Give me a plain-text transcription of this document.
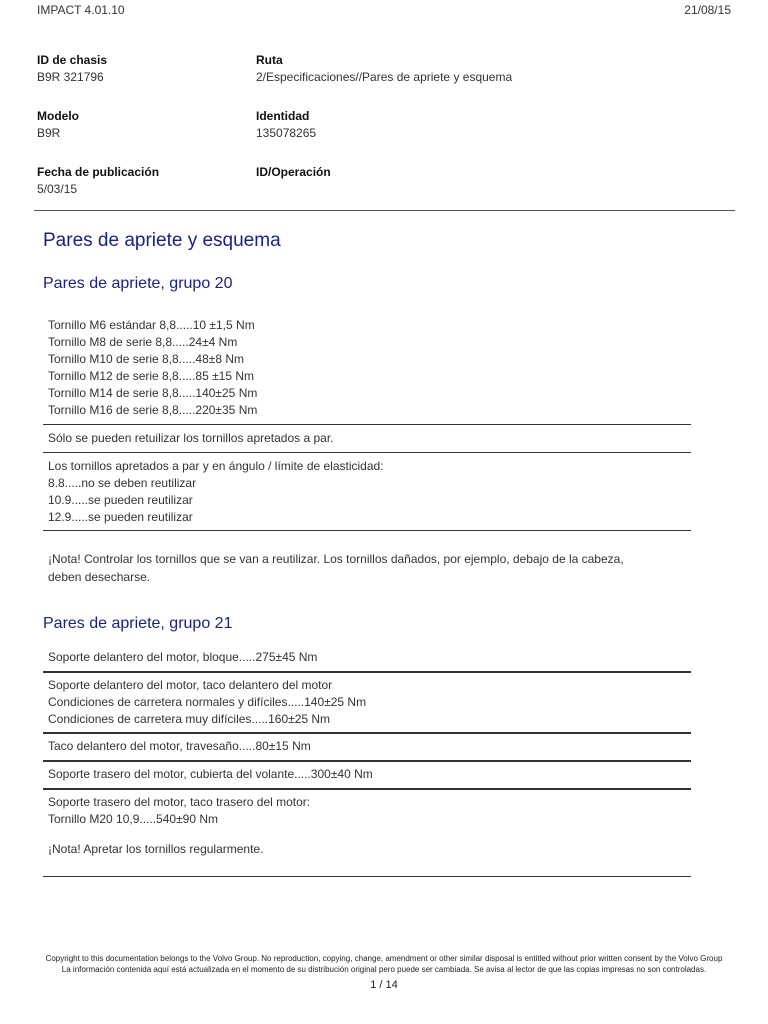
IMPACT 4.01.10	21/08/15
ID de chasis
B9R 321796
Ruta
2/Especificaciones//Pares de apriete y esquema
Modelo
B9R
Identidad
135078265
Fecha de publicación
5/03/15
ID/Operación
Pares de apriete y esquema
Pares de apriete, grupo 20
Tornillo M6 estándar 8,8.....10 ±1,5 Nm
Tornillo M8 de serie 8,8.....24±4 Nm
Tornillo M10 de serie 8,8.....48±8 Nm
Tornillo M12 de serie 8,8.....85 ±15 Nm
Tornillo M14 de serie 8,8.....140±25 Nm
Tornillo M16 de serie 8,8.....220±35 Nm
Sólo se pueden retuilizar los tornillos apretados a par.
Los tornillos apretados a par y en ángulo / límite de elasticidad:
8.8.....no se deben reutilizar
10.9.....se pueden reutilizar
12.9.....se pueden reutilizar
¡Nota! Controlar los tornillos que se van a reutilizar. Los tornillos dañados, por ejemplo, debajo de la cabeza,
deben desecharse.
Pares de apriete, grupo 21
Soporte delantero del motor, bloque.....275±45 Nm
Soporte delantero del motor, taco delantero del motor
Condiciones de carretera normales y difíciles.....140±25 Nm
Condiciones de carretera muy difíciles.....160±25 Nm
Taco delantero del motor, travesaño.....80±15 Nm
Soporte trasero del motor, cubierta del volante.....300±40 Nm
Soporte trasero del motor, taco trasero del motor:
Tornillo M20 10,9.....540±90 Nm
¡Nota! Apretar los tornillos regularmente.
Copyright to this documentation belongs to the Volvo Group. No reproduction, copying, change, amendment or other similar disposal is entitled without prior written consent by the Volvo Group
La información contenida aquí está actualizada en el momento de su distribución original pero puede ser cambiada. Se avisa al lector de que las copias impresas no son controladas.
1 / 14
